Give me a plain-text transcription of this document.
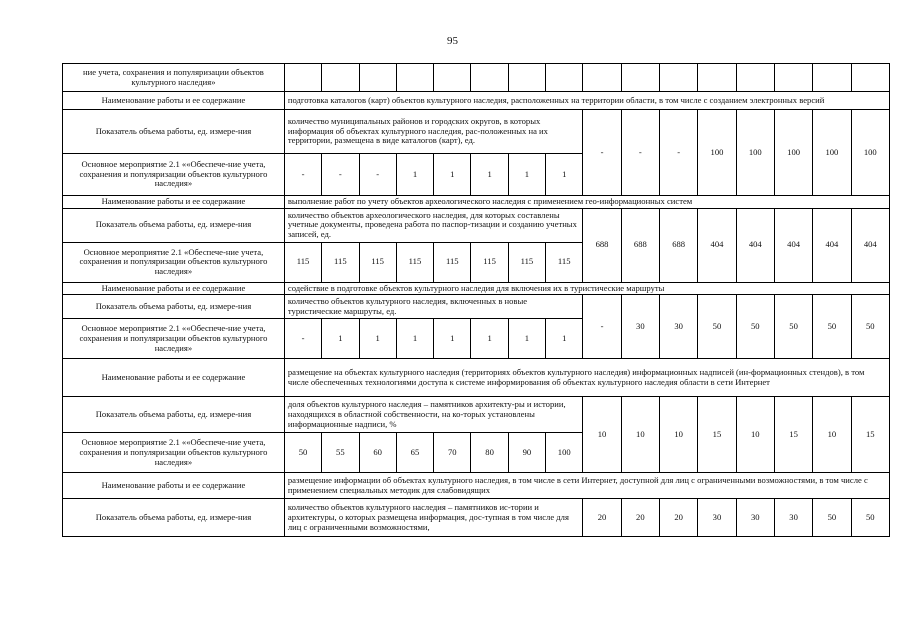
95
ние учета, сохранения и популяризации объектов культурного наследия»																
Наименование работы и ее содержание	подготовка каталогов (карт) объектов культурного наследия, расположенных на территории области, в том числе с созданием электронных версий															
Показатель объема работы, ед. измере-ния	количество муниципальных районов и городских округов, в которых информация об объектах культурного наследия, рас-положенных на их территории, размещена в виде каталогов (карт), ед.								-	-	-	100	100	100	100	100
Основное мероприятие 2.1 ««Обеспече-ние учета, сохранения и популяризации объектов культурного наследия»	-	-	-	1	1	1	1	1								
Наименование работы и ее содержание	выполнение работ по учету объектов археологического наследия с применением гео-информационных систем															
Показатель объема работы, ед. измере-ния	количество объектов археологического наследия, для которых составлены учетные документы, проведена работа по паспор-тизации и созданию учетных записей, ед.								688	688	688	404	404	404	404	404
Основное мероприятие 2.1 «Обеспече-ние учета, сохранения и популяризации объектов культурного наследия»	115	115	115	115	115	115	115	115								
Наименование работы и ее содержание	содействие в подготовке объектов культурного наследия для включения их в туристические маршруты															
Показатель объема работы, ед. измере-ния	количество объектов культурного наследия, включенных в новые туристические маршруты, ед.								-	30	30	50	50	50	50	50
Основное мероприятие 2.1 ««Обеспече-ние учета, сохранения и популяризации объектов культурного наследия»	-	1	1	1	1	1	1	1								
Наименование работы и ее содержание	размещение на объектах культурного наследия (территориях объектов культурного наследия) информационных надписей (ин-формационных стендов), в том числе обеспеченных технологиями доступа к системе информирования об объектах культурного наследия области в сети Интернет															
Показатель объема работы, ед. измере-ния	доля объектов культурного наследия – памятников архитекту-ры и истории, находящихся в областной собственности, на ко-торых установлены информационные надписи, %								10	10	10	15	10	15	10	15
Основное мероприятие 2.1 ««Обеспече-ние учета, сохранения и популяризации объектов культурного наследия»	50	55	60	65	70	80	90	100								
Наименование работы и ее содержание	размещение информации об объектах культурного наследия, в том числе в сети Интернет, доступной для лиц с ограниченными возможностями, в том числе с применением специальных методик для слабовидящих															
Показатель объема работы, ед. измере-ния	количество объектов культурного наследия – памятников ис-тории и архитектуры, о которых размещена информация, дос-тупная в том числе для лиц с ограниченными возможностями,								20	20	20	30	30	30	50	50
